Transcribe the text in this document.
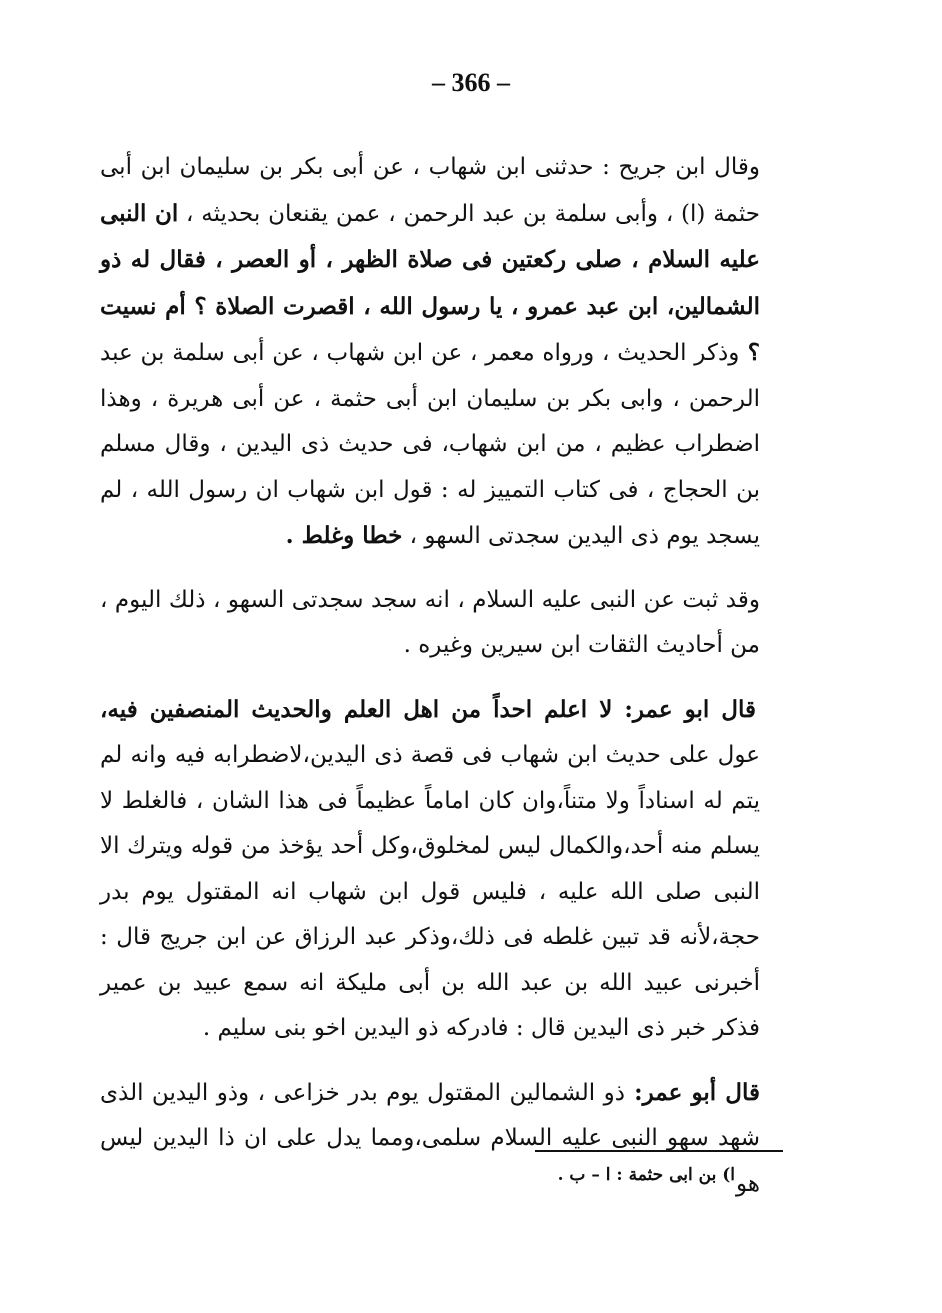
– 366 –

وقال ابن جريح : حدثنى ابن شهاب ، عن أبى بكر بن سليمان ابن أبى حثمة (ا) ، وأبى سلمة بن عبد الرحمن ، عمن يقنعان بحديثه ، ان النبى عليه السلام ، صلى ركعتين فى صلاة الظهر ، أو العصر ، فقال له ذو الشمالين، ابن عبد عمرو ، يا رسول الله ، اقصرت الصلاة ؟ أم نسيت ؟ وذكر الحديث ، ورواه معمر ، عن ابن شهاب ، عن أبى سلمة بن عبد الرحمن ، وابى بكر بن سليمان ابن أبى حثمة ، عن أبى هريرة ، وهذا اضطراب عظيم ، من ابن شهاب، فى حديث ذى اليدين ، وقال مسلم بن الحجاج ، فى كتاب التمييز له : قول ابن شهاب ان رسول الله ، لم يسجد يوم ذى اليدين سجدتى السهو ، خطا وغلط .

وقد ثبت عن النبى عليه السلام ، انه سجد سجدتى السهو ، ذلك اليوم ، من أحاديث الثقات ابن سيرين وغيره .

قال ابو عمر: لا اعلم احداً من اهل العلم والحديث المنصفين فيه، عول على حديث ابن شهاب فى قصة ذى اليدين،لاضطرابه فيه وانه لم يتم له اسناداً ولا متناً،وان كان اماماً عظيماً فى هذا الشان ، فالغلط لا يسلم منه أحد،والكمال ليس لمخلوق،وكل أحد يؤخذ من قوله ويترك الا النبى صلى الله عليه ، فليس قول ابن شهاب انه المقتول يوم بدر حجة،لأنه قد تبين غلطه فى ذلك،وذكر عبد الرزاق عن ابن جريج قال : أخبرنى عبيد الله بن عبد الله بن أبى مليكة انه سمع عبيد بن عمير فذكر خبر ذى اليدين قال : فادركه ذو اليدين اخو بنى سليم .

قال أبو عمر: ذو الشمالين المقتول يوم بدر خزاعى ، وذو اليدين الذى شهد سهو النبى عليه السلام سلمى،ومما يدل على ان ذا اليدين ليس هو

ا) بن ابى حثمة : ا – ب .
